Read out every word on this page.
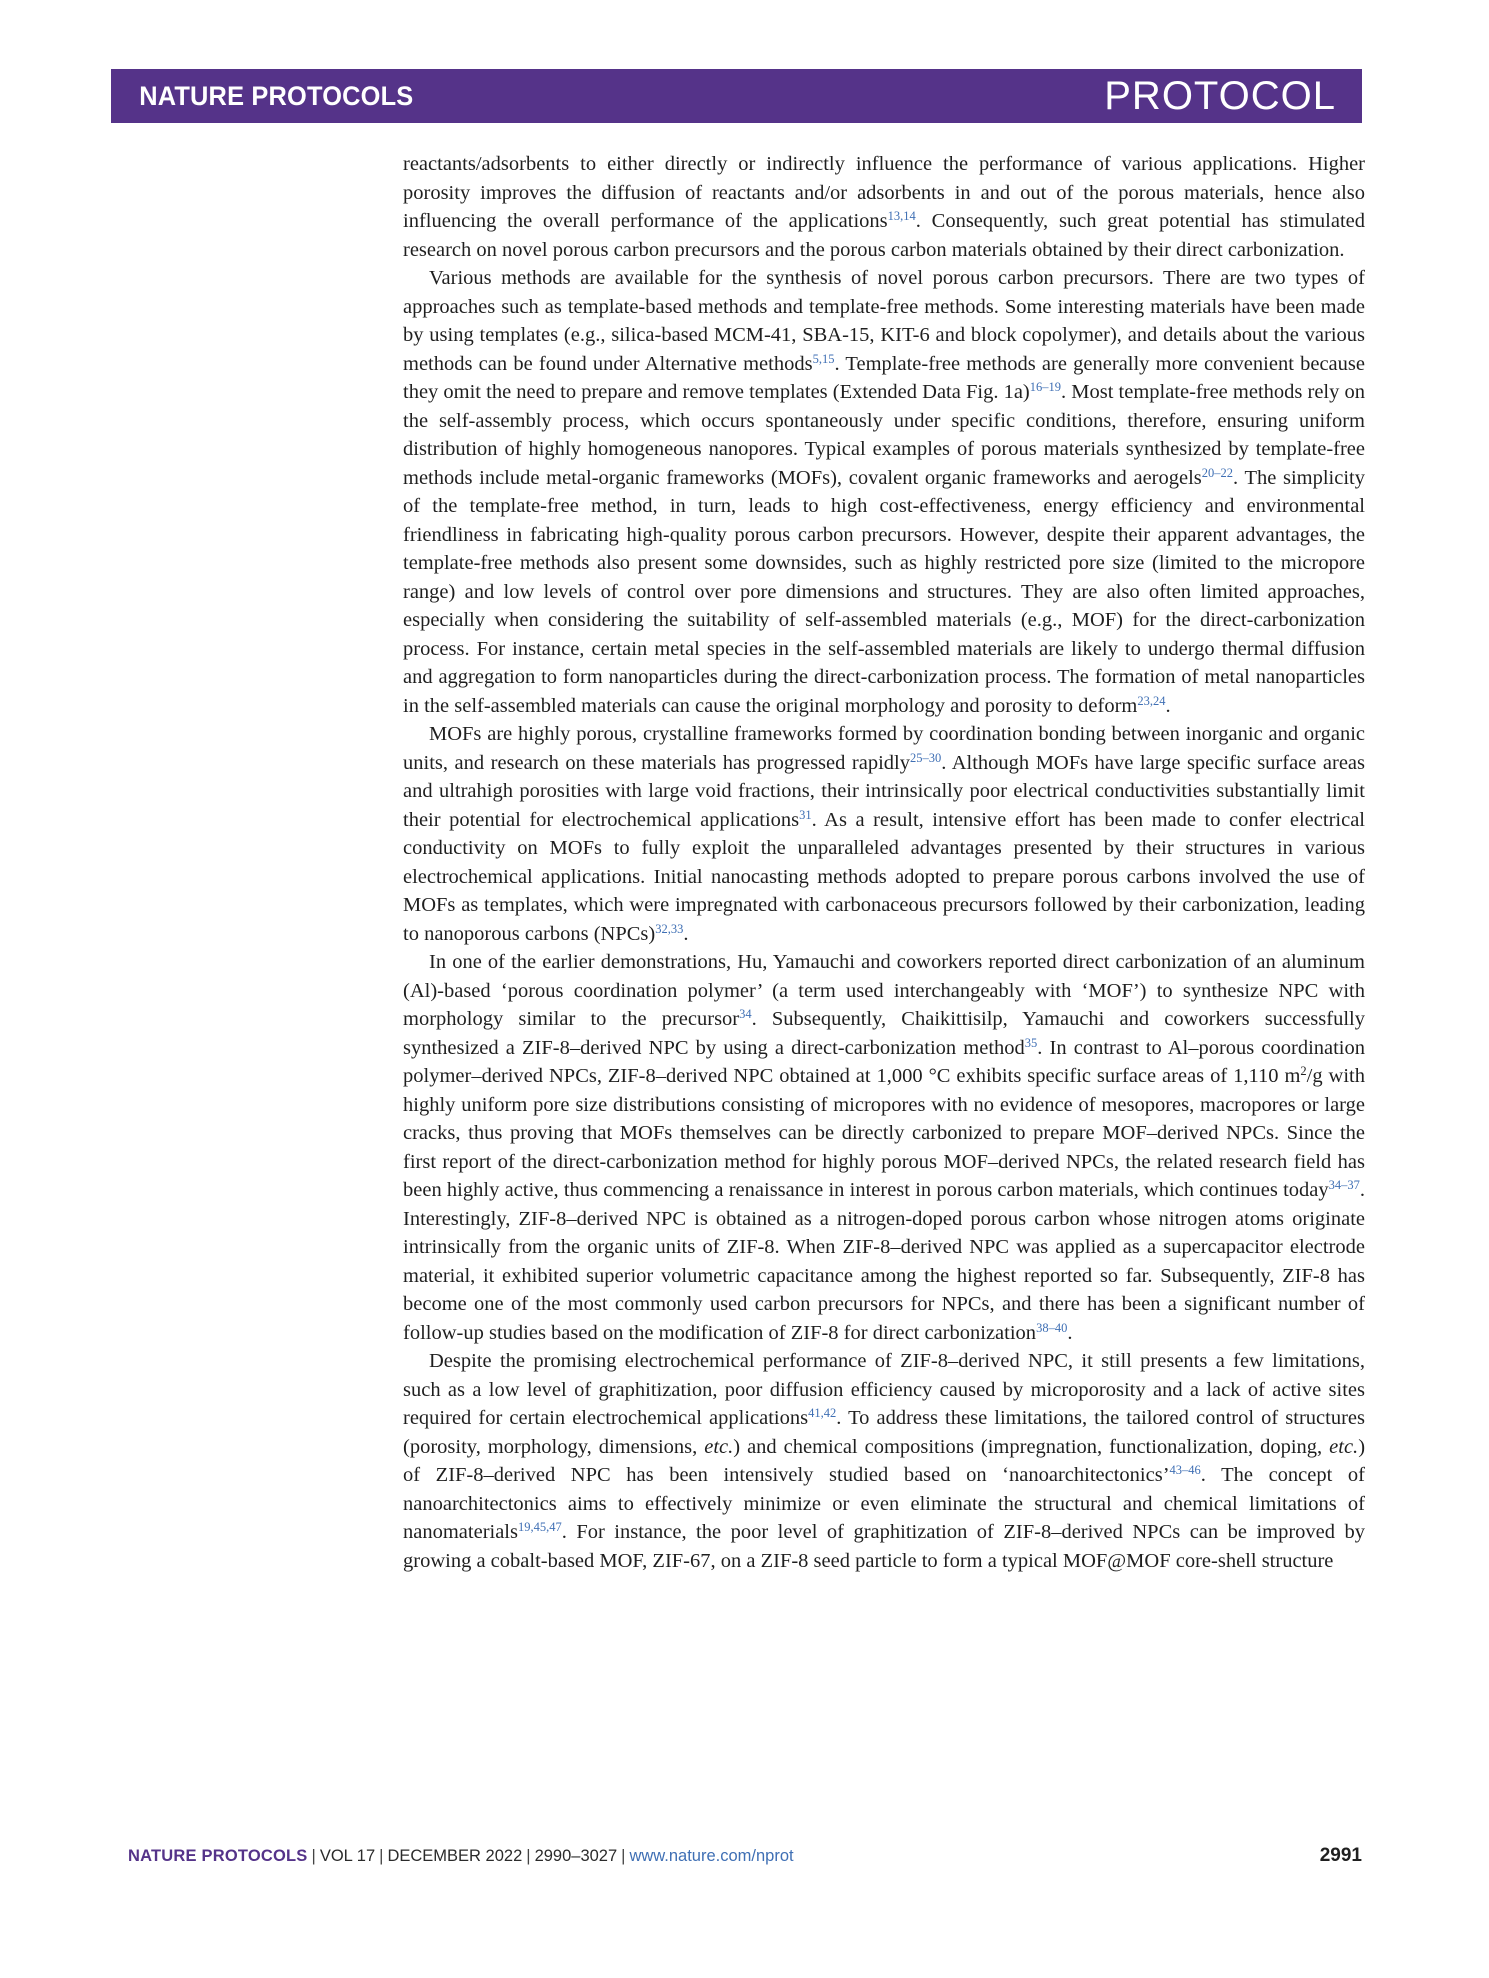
NATURE PROTOCOLS	PROTOCOL

reactants/adsorbents to either directly or indirectly influence the performance of various applications. Higher porosity improves the diffusion of reactants and/or adsorbents in and out of the porous materials, hence also influencing the overall performance of the applications$^{13,14}$. Consequently, such great potential has stimulated research on novel porous carbon precursors and the porous carbon materials obtained by their direct carbonization.

Various methods are available for the synthesis of novel porous carbon precursors. There are two types of approaches such as template-based methods and template-free methods. Some interesting materials have been made by using templates (e.g., silica-based MCM-41, SBA-15, KIT-6 and block copolymer), and details about the various methods can be found under Alternative methods$^{5,15}$. Template-free methods are generally more convenient because they omit the need to prepare and remove templates (Extended Data Fig. 1a)$^{16-19}$. Most template-free methods rely on the self-assembly process, which occurs spontaneously under specific conditions, therefore, ensuring uniform distribution of highly homogeneous nanopores. Typical examples of porous materials synthesized by template-free methods include metal-organic frameworks (MOFs), covalent organic frameworks and aerogels$^{20-22}$. The simplicity of the template-free method, in turn, leads to high cost-effectiveness, energy efficiency and environmental friendliness in fabricating high-quality porous carbon precursors. However, despite their apparent advantages, the template-free methods also present some downsides, such as highly restricted pore size (limited to the micropore range) and low levels of control over pore dimensions and structures. They are also often limited approaches, especially when considering the suitability of self-assembled materials (e.g., MOF) for the direct-carbonization process. For instance, certain metal species in the self-assembled materials are likely to undergo thermal diffusion and aggregation to form nanoparticles during the direct-carbonization process. The formation of metal nanoparticles in the self-assembled materials can cause the original morphology and porosity to deform$^{23,24}$.

MOFs are highly porous, crystalline frameworks formed by coordination bonding between inorganic and organic units, and research on these materials has progressed rapidly$^{25-30}$. Although MOFs have large specific surface areas and ultrahigh porosities with large void fractions, their intrinsically poor electrical conductivities substantially limit their potential for electrochemical applications$^{31}$. As a result, intensive effort has been made to confer electrical conductivity on MOFs to fully exploit the unparalleled advantages presented by their structures in various electrochemical applications. Initial nanocasting methods adopted to prepare porous carbons involved the use of MOFs as templates, which were impregnated with carbonaceous precursors followed by their carbonization, leading to nanoporous carbons (NPCs)$^{32,33}$.

In one of the earlier demonstrations, Hu, Yamauchi and coworkers reported direct carbonization of an aluminum (Al)-based ‘porous coordination polymer’ (a term used interchangeably with ‘MOF’) to synthesize NPC with morphology similar to the precursor$^{34}$. Subsequently, Chaikittisilp, Yamauchi and coworkers successfully synthesized a ZIF-8–derived NPC by using a direct-carbonization method$^{35}$. In contrast to Al–porous coordination polymer–derived NPCs, ZIF-8–derived NPC obtained at 1,000 °C exhibits specific surface areas of 1,110 $m^2/g$ with highly uniform pore size distributions consisting of micropores with no evidence of mesopores, macropores or large cracks, thus proving that MOFs themselves can be directly carbonized to prepare MOF–derived NPCs. Since the first report of the direct-carbonization method for highly porous MOF–derived NPCs, the related research field has been highly active, thus commencing a renaissance in interest in porous carbon materials, which continues today$^{34-37}$. Interestingly, ZIF-8–derived NPC is obtained as a nitrogen-doped porous carbon whose nitrogen atoms originate intrinsically from the organic units of ZIF-8. When ZIF-8–derived NPC was applied as a supercapacitor electrode material, it exhibited superior volumetric capacitance among the highest reported so far. Subsequently, ZIF-8 has become one of the most commonly used carbon precursors for NPCs, and there has been a significant number of follow-up studies based on the modification of ZIF-8 for direct carbonization$^{38-40}$.

Despite the promising electrochemical performance of ZIF-8–derived NPC, it still presents a few limitations, such as a low level of graphitization, poor diffusion efficiency caused by microporosity and a lack of active sites required for certain electrochemical applications$^{41,42}$. To address these limitations, the tailored control of structures (porosity, morphology, dimensions, etc.) and chemical compositions (impregnation, functionalization, doping, etc.) of ZIF-8–derived NPC has been intensively studied based on ‘nanoarchitectonics’$^{43-46}$. The concept of nanoarchitectonics aims to effectively minimize or even eliminate the structural and chemical limitations of nanomaterials$^{19,45,47}$. For instance, the poor level of graphitization of ZIF-8–derived NPCs can be improved by growing a cobalt-based MOF, ZIF-67, on a ZIF-8 seed particle to form a typical MOF@MOF core-shell structure

NATURE PROTOCOLS | VOL 17 | DECEMBER 2022 | 2990–3027 | www.nature.com/nprot	2991
